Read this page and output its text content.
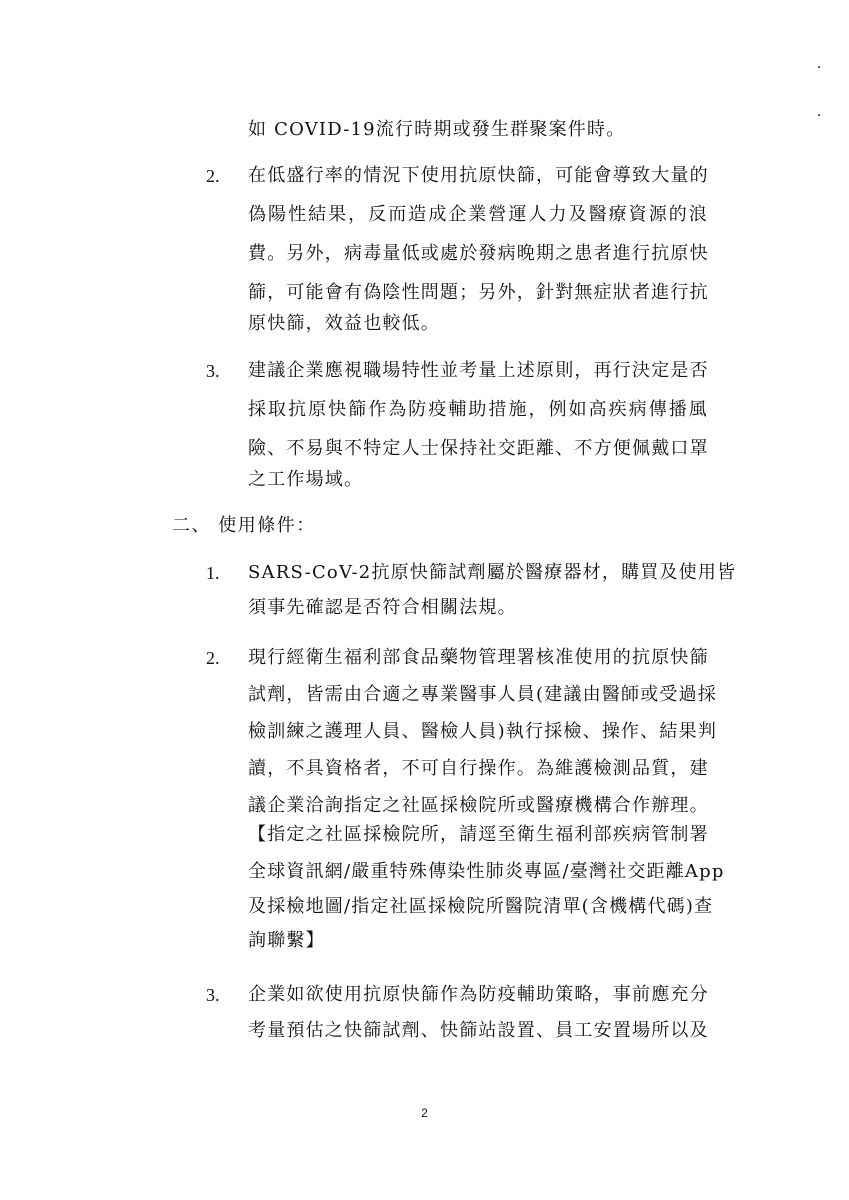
如 COVID-19流行時期或發生群聚案件時。
2. 在低盛行率的情況下使用抗原快篩，可能會導致大量的
偽陽性結果，反而造成企業營運人力及醫療資源的浪
費。另外，病毒量低或處於發病晚期之患者進行抗原快
篩，可能會有偽陰性問題；另外，針對無症狀者進行抗
原快篩，效益也較低。
3. 建議企業應視職場特性並考量上述原則，再行決定是否
採取抗原快篩作為防疫輔助措施，例如高疾病傳播風
險、不易與不特定人士保持社交距離、不方便佩戴口罩
之工作場域。
二、 使用條件：
1. SARS-CoV-2抗原快篩試劑屬於醫療器材，購買及使用皆
須事先確認是否符合相關法規。
2. 現行經衛生福利部食品藥物管理署核准使用的抗原快篩
試劑，皆需由合適之專業醫事人員(建議由醫師或受過採
檢訓練之護理人員、醫檢人員)執行採檢、操作、結果判
讀，不具資格者，不可自行操作。為維護檢測品質，建
議企業洽詢指定之社區採檢院所或醫療機構合作辦理。
【指定之社區採檢院所，請逕至衛生福利部疾病管制署
全球資訊網/嚴重特殊傳染性肺炎專區/臺灣社交距離App
及採檢地圖/指定社區採檢院所醫院清單(含機構代碼)查
詢聯繫】
3. 企業如欲使用抗原快篩作為防疫輔助策略，事前應充分
考量預估之快篩試劑、快篩站設置、員工安置場所以及
2
